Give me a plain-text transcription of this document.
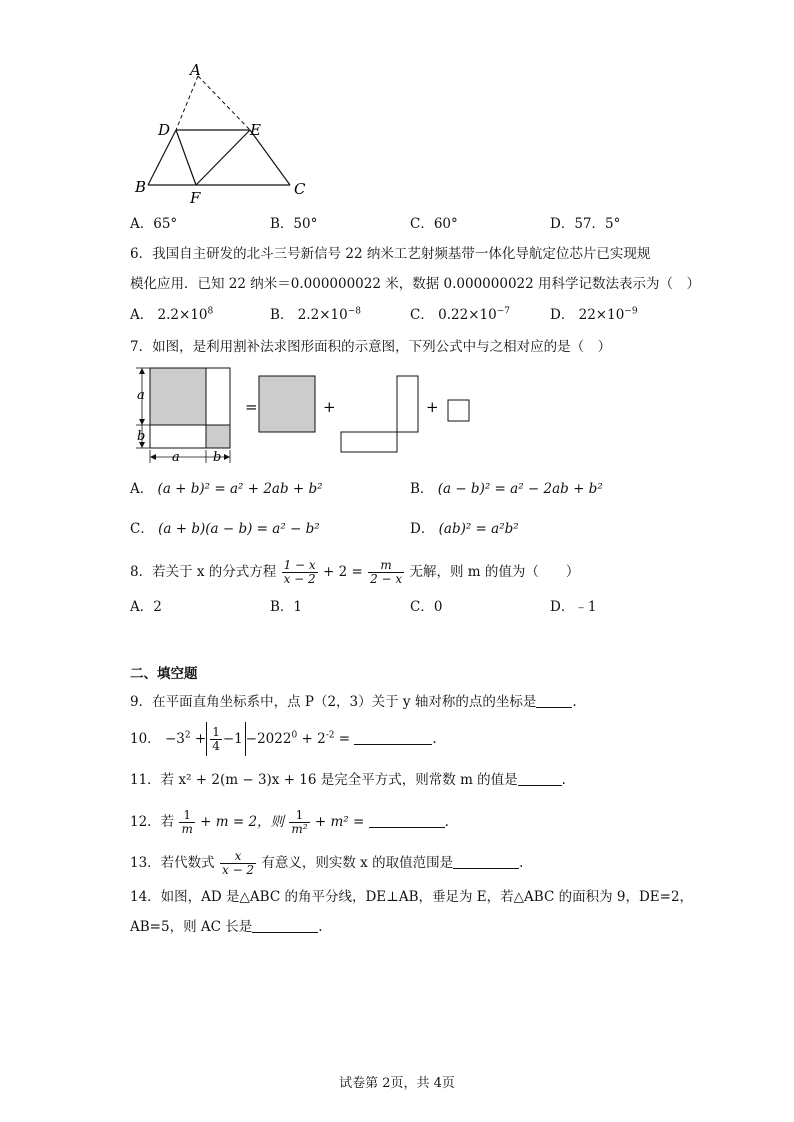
A
D	E
B
F	C
A．65°	B．50°	C．60°	D．57．5°
6．我国自主研发的北斗三号新信号 22 纳米工艺射频基带一体化导航定位芯片已实现规
模化应用．已知 22 纳米＝0.000000022 米，数据 0.000000022 用科学记数法表示为（　）
A． $2.2\times 10^8$	B． $2.2\times 10^{-8}$	C． $0.22\times 10^{-7}$	D． $22\times 10^{-9}$
7．如图，是利用割补法求图形面积的示意图，下列公式中与之相对应的是（　）
a
b
a	b
=	+	+
A． (a + b)² = a² + 2ab + b²	B． (a − b)² = a² − 2ab + b²
C． (a + b)(a − b) = a² − b²	D． (ab)² = a²b²
8．若关于 x 的分式方程 $\frac{1 - x}{x - 2} + 2 = \frac{m}{2 - x}$ 无解，则 m 的值为（　　）
A．2	B．1	C．0	D．﹣1
二、填空题
9．在平面直角坐标系中，点 P（2，3）关于 y 轴对称的点的坐标是	.
10． $-3^2 + \frac{1}{4} -1 -2022^0 + 2^{-2}$ =	.
11．若 x² + 2(m − 3)x + 16 是完全平方式，则常数 m 的值是	.
12．若 $\frac{1}{m} + m = 2$，则 $\frac{1}{\text{m²}} + m^2$ =	.
13．若代数式 $\frac{x}{x - 2}$ 有意义，则实数 x 的取值范围是	.
14．如图，AD 是△ABC 的角平分线，DE⊥AB，垂足为 E，若△ABC 的面积为 9，DE=2，
AB=5，则 AC 长是	.
试卷第 2页，共 4页
